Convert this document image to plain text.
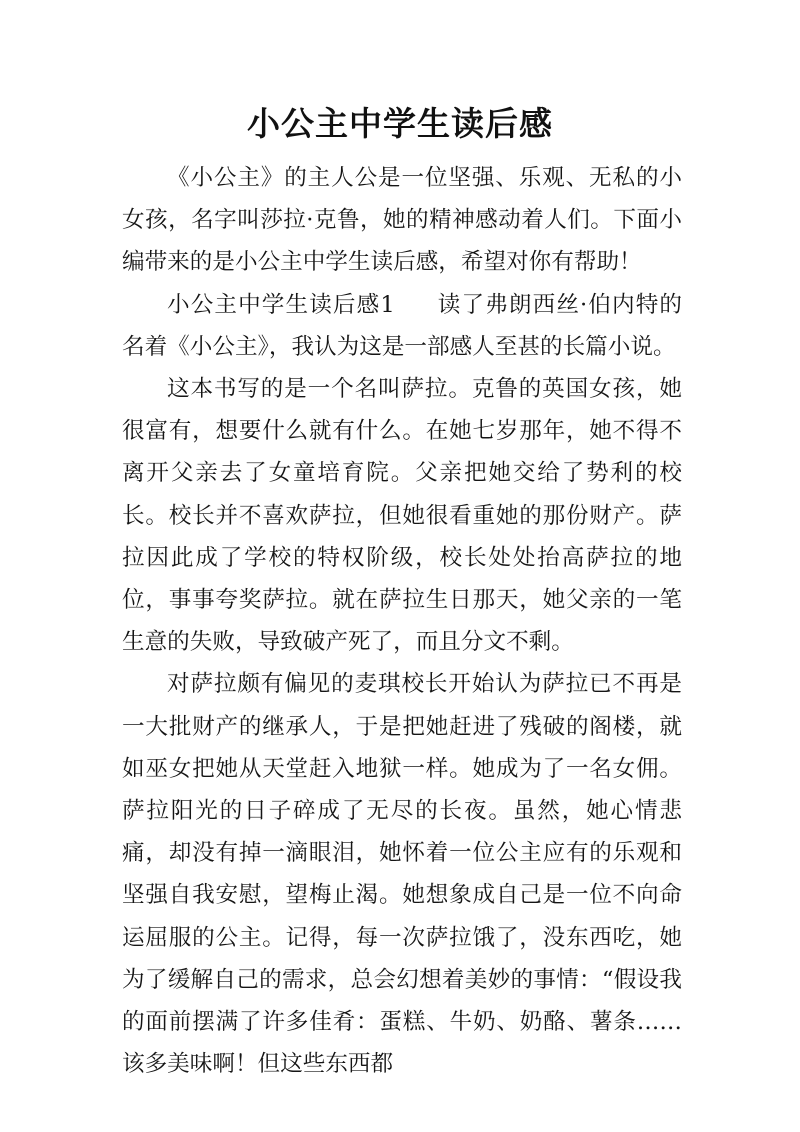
小公主中学生读后感

《小公主》的主人公是一位坚强、乐观、无私的小女孩，名字叫莎拉·克鲁，她的精神感动着人们。下面小编带来的是小公主中学生读后感，希望对你有帮助！

小公主中学生读后感1 读了弗朗西丝·伯内特的名着《小公主》，我认为这是一部感人至甚的长篇小说。

这本书写的是一个名叫萨拉。克鲁的英国女孩，她很富有，想要什么就有什么。在她七岁那年，她不得不离开父亲去了女童培育院。父亲把她交给了势利的校长。校长并不喜欢萨拉，但她很看重她的那份财产。萨拉因此成了学校的特权阶级，校长处处抬高萨拉的地位，事事夸奖萨拉。就在萨拉生日那天，她父亲的一笔生意的失败，导致破产死了，而且分文不剩。

对萨拉颇有偏见的麦琪校长开始认为萨拉已不再是一大批财产的继承人，于是把她赶进了残破的阁楼，就如巫女把她从天堂赶入地狱一样。她成为了一名女佣。萨拉阳光的日子碎成了无尽的长夜。虽然，她心情悲痛，却没有掉一滴眼泪，她怀着一位公主应有的乐观和坚强自我安慰，望梅止渴。她想象成自己是一位不向命运屈服的公主。记得，每一次萨拉饿了，没东西吃，她为了缓解自己的需求，总会幻想着美妙的事情：“假设我的面前摆满了许多佳肴：蛋糕、牛奶、奶酪、薯条……该多美味啊！但这些东西都
